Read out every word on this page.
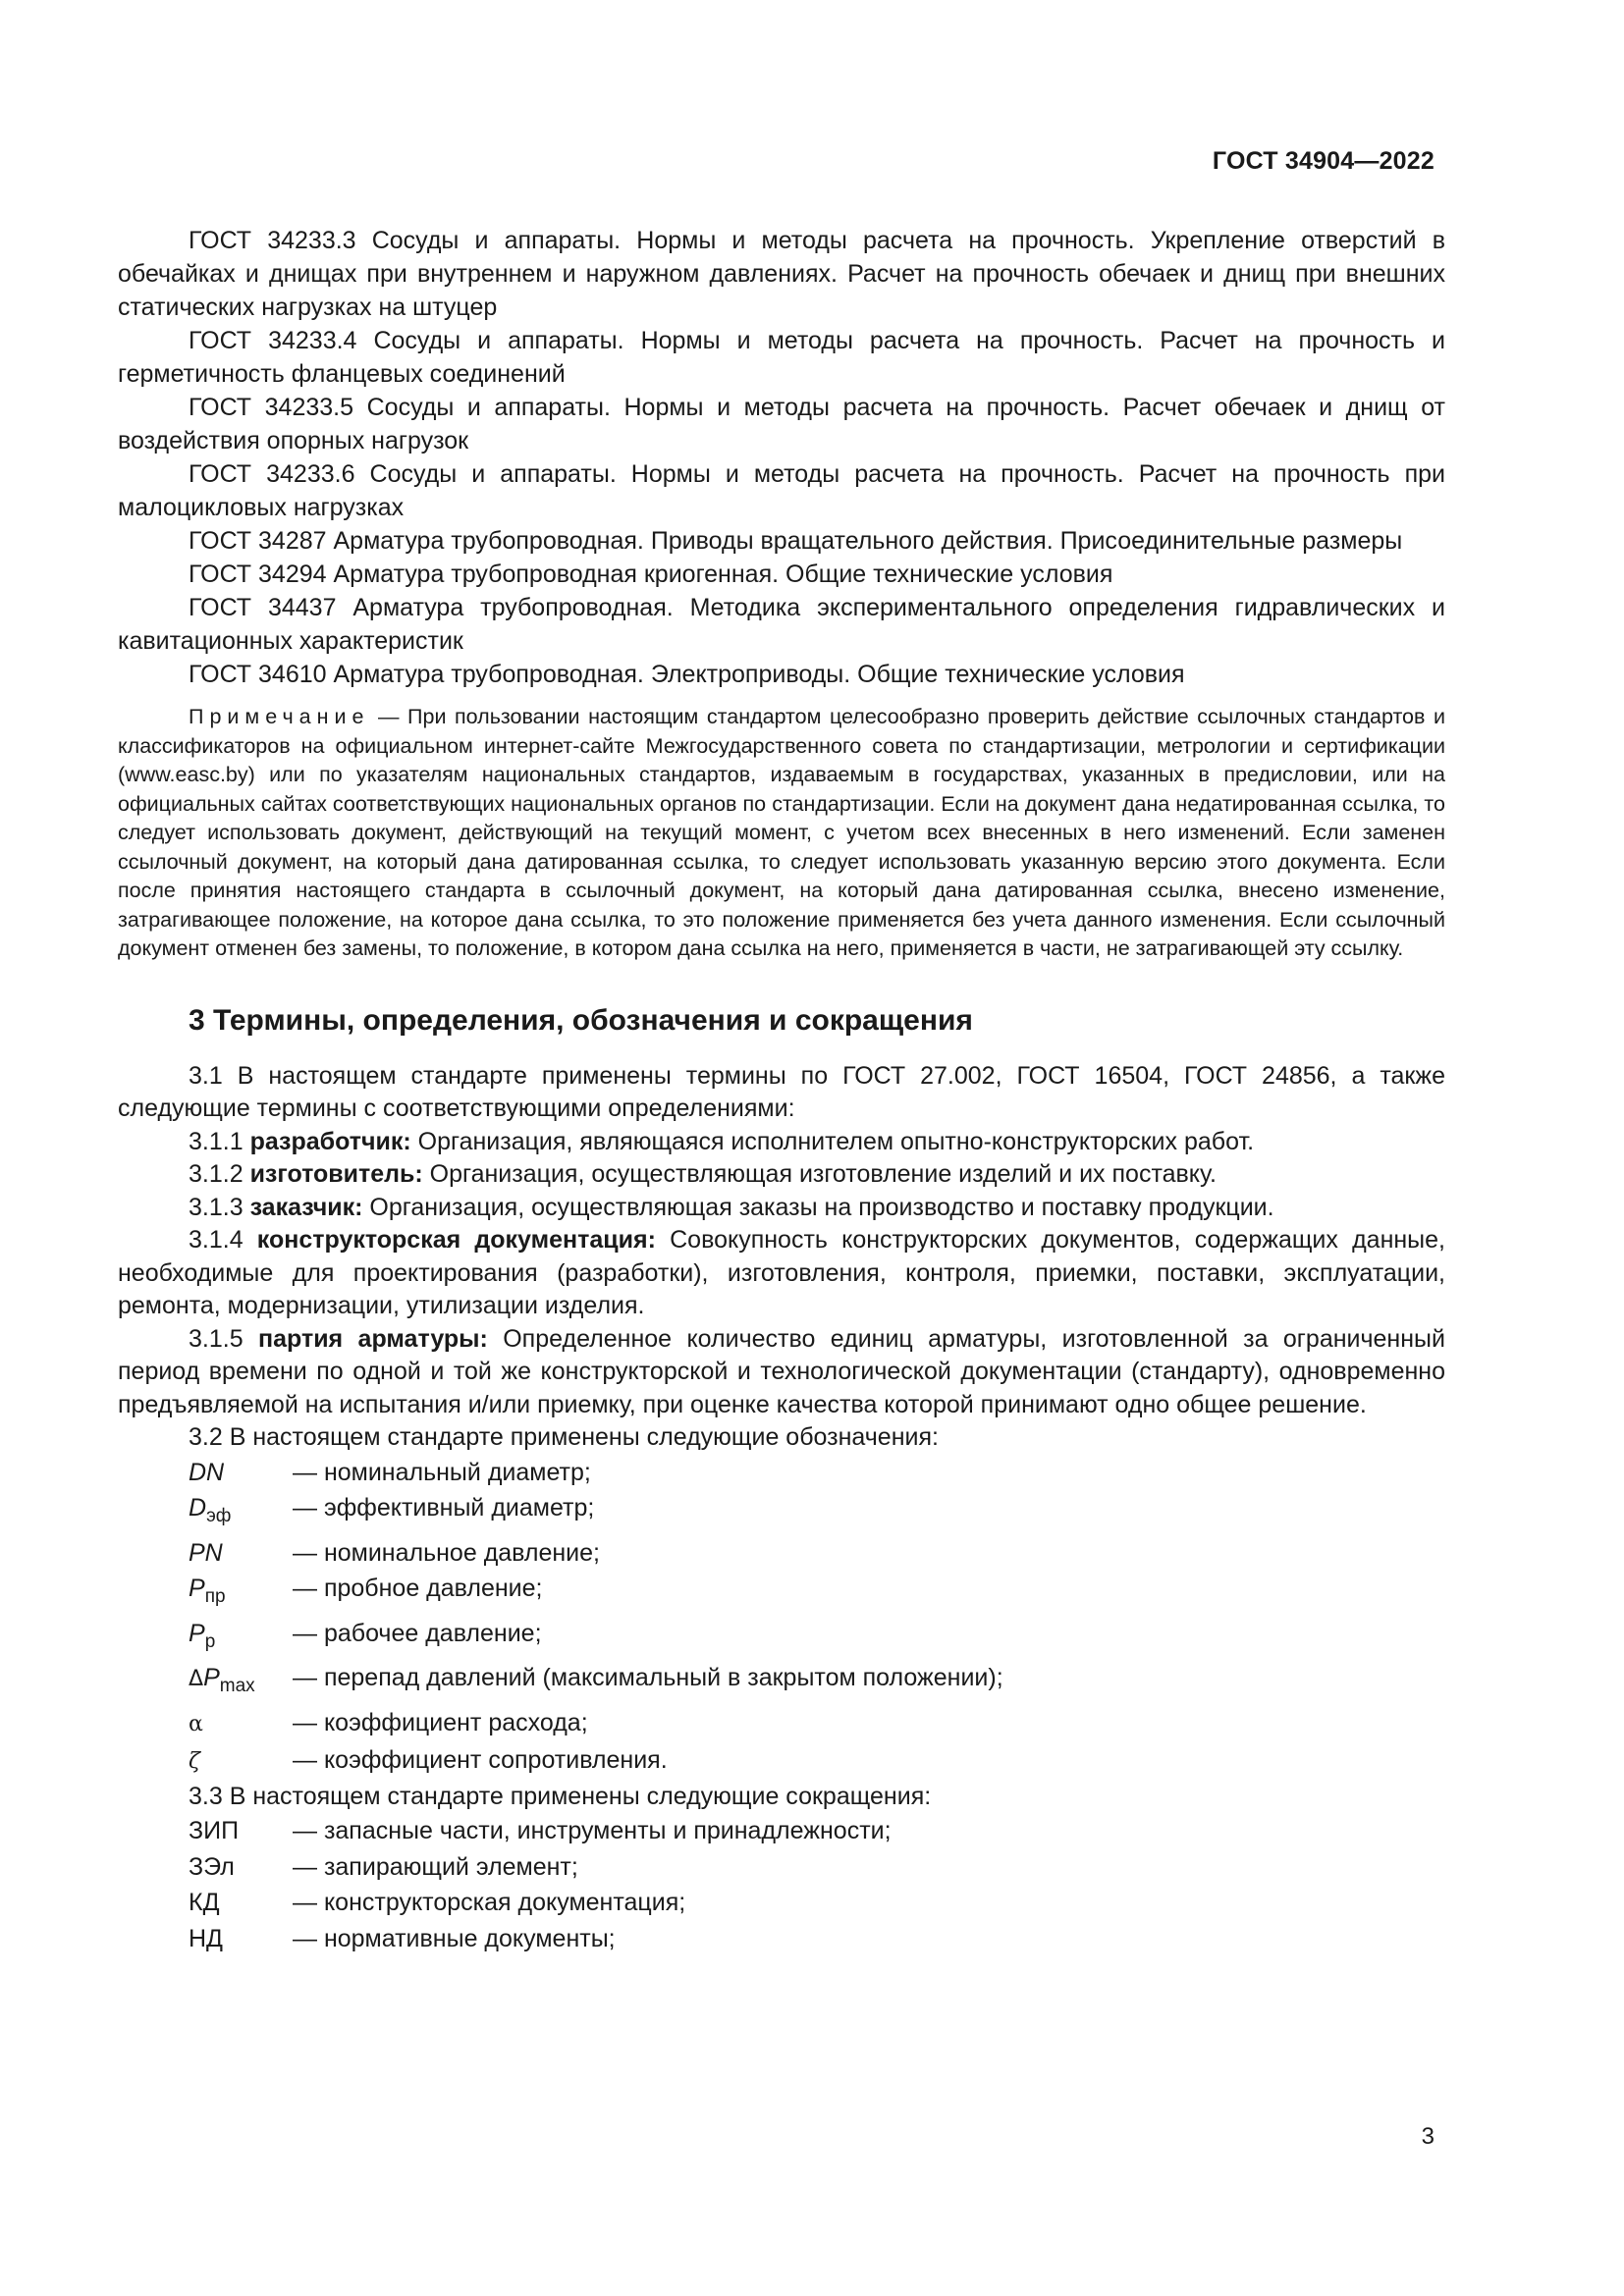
ГОСТ 34904—2022

ГОСТ 34233.3 Сосуды и аппараты. Нормы и методы расчета на прочность. Укрепление отверстий в обечайках и днищах при внутреннем и наружном давлениях. Расчет на прочность обечаек и днищ при внешних статических нагрузках на штуцер

ГОСТ 34233.4 Сосуды и аппараты. Нормы и методы расчета на прочность. Расчет на прочность и герметичность фланцевых соединений

ГОСТ 34233.5 Сосуды и аппараты. Нормы и методы расчета на прочность. Расчет обечаек и днищ от воздействия опорных нагрузок

ГОСТ 34233.6 Сосуды и аппараты. Нормы и методы расчета на прочность. Расчет на прочность при малоцикловых нагрузках

ГОСТ 34287 Арматура трубопроводная. Приводы вращательного действия. Присоединительные размеры

ГОСТ 34294 Арматура трубопроводная криогенная. Общие технические условия

ГОСТ 34437 Арматура трубопроводная. Методика экспериментального определения гидравлических и кавитационных характеристик

ГОСТ 34610 Арматура трубопроводная. Электроприводы. Общие технические условия

Примечание — При пользовании настоящим стандартом целесообразно проверить действие ссылочных стандартов и классификаторов на официальном интернет-сайте Межгосударственного совета по стандартизации, метрологии и сертификации (www.easc.by) или по указателям национальных стандартов, издаваемым в государствах, указанных в предисловии, или на официальных сайтах соответствующих национальных органов по стандартизации. Если на документ дана недатированная ссылка, то следует использовать документ, действующий на текущий момент, с учетом всех внесенных в него изменений. Если заменен ссылочный документ, на который дана датированная ссылка, то следует использовать указанную версию этого документа. Если после принятия настоящего стандарта в ссылочный документ, на который дана датированная ссылка, внесено изменение, затрагивающее положение, на которое дана ссылка, то это положение применяется без учета данного изменения. Если ссылочный документ отменен без замены, то положение, в котором дана ссылка на него, применяется в части, не затрагивающей эту ссылку.

3 Термины, определения, обозначения и сокращения

3.1 В настоящем стандарте применены термины по ГОСТ 27.002, ГОСТ 16504, ГОСТ 24856, а также следующие термины с соответствующими определениями:

3.1.1 разработчик: Организация, являющаяся исполнителем опытно-конструкторских работ.

3.1.2 изготовитель: Организация, осуществляющая изготовление изделий и их поставку.

3.1.3 заказчик: Организация, осуществляющая заказы на производство и поставку продукции.

3.1.4 конструкторская документация: Совокупность конструкторских документов, содержащих данные, необходимые для проектирования (разработки), изготовления, контроля, приемки, поставки, эксплуатации, ремонта, модернизации, утилизации изделия.

3.1.5 партия арматуры: Определенное количество единиц арматуры, изготовленной за ограниченный период времени по одной и той же конструкторской и технологической документации (стандарту), одновременно предъявляемой на испытания и/или приемку, при оценке качества которой принимают одно общее решение.

3.2 В настоящем стандарте применены следующие обозначения:

DN	— номинальный диаметр;
$D_{эф}$	— эффективный диаметр;
PN	— номинальное давление;
$P_{пр}$	— пробное давление;
$P_р$	— рабочее давление;
$\Delta P_{max}$	— перепад давлений (максимальный в закрытом положении);
α	— коэффициент расхода;
ζ	— коэффициент сопротивления.

3.3 В настоящем стандарте применены следующие сокращения:

ЗИП	— запасные части, инструменты и принадлежности;
ЗЭл	— запирающий элемент;
КД	— конструкторская документация;
НД	— нормативные документы;
3
